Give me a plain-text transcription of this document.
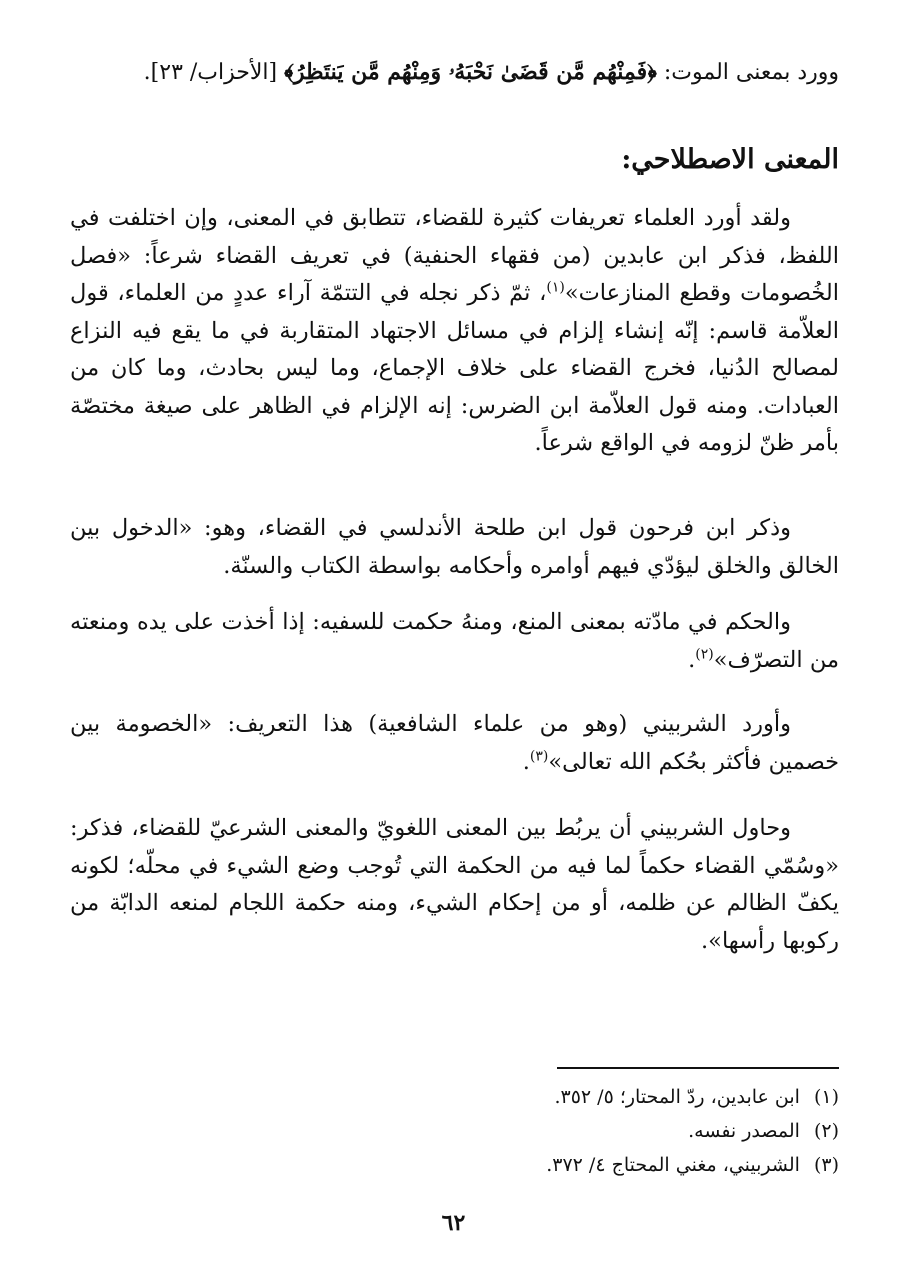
وورد بمعنى الموت: ﴿فَمِنْهُم مَّن قَضَىٰ نَحْبَهُۥ وَمِنْهُم مَّن يَنتَظِرُ﴾ [الأحزاب/ ٢٣].
المعنى الاصطلاحي:

ولقد أورد العلماء تعريفات كثيرة للقضاء، تتطابق في المعنى، وإن اختلفت في اللفظ، فذكر ابن عابدين (من فقهاء الحنفية) في تعريف القضاء شرعاً: «فصل الخُصومات وقطع المنازعات»$^{(١)}$، ثمّ ذكر نجله في التتمّة آراء عددٍ من العلماء، قول العلاّمة قاسم: إنّه إنشاء إلزام في مسائل الاجتهاد المتقاربة في ما يقع فيه النزاع لمصالح الدُنيا، فخرج القضاء على خلاف الإجماع، وما ليس بحادث، وما كان من العبادات. ومنه قول العلاّمة ابن الضرس: إنه الإلزام في الظاهر على صيغة مختصّة بأمر ظنّ لزومه في الواقع شرعاً.

وذكر ابن فرحون قول ابن طلحة الأندلسي في القضاء، وهو: «الدخول بين الخالق والخلق ليؤدّي فيهم أوامره وأحكامه بواسطة الكتاب والسنّة.

والحكم في مادّته بمعنى المنع، ومنهُ حكمت للسفيه: إذا أخذت على يده ومنعته من التصرّف»$^{(٢)}$.

وأورد الشربيني (وهو من علماء الشافعية) هذا التعريف: «الخصومة بين خصمين فأكثر بحُكم الله تعالى»$^{(٣)}$.

وحاول الشربيني أن يربُط بين المعنى اللغويّ والمعنى الشرعيّ للقضاء، فذكر: «وسُمّي القضاء حكماً لما فيه من الحكمة التي تُوجب وضع الشيء في محلّه؛ لكونه يكفّ الظالم عن ظلمه، أو من إحكام الشيء، ومنه حكمة اللجام لمنعه الدابّة من ركوبها رأسها».

(١)
ابن عابدين، ردّ المحتار؛ ٥/ ٣٥٢.
(٢)
المصدر نفسه.
(٣)
الشربيني، مغني المحتاج ٤/ ٣٧٢.
٦٢
